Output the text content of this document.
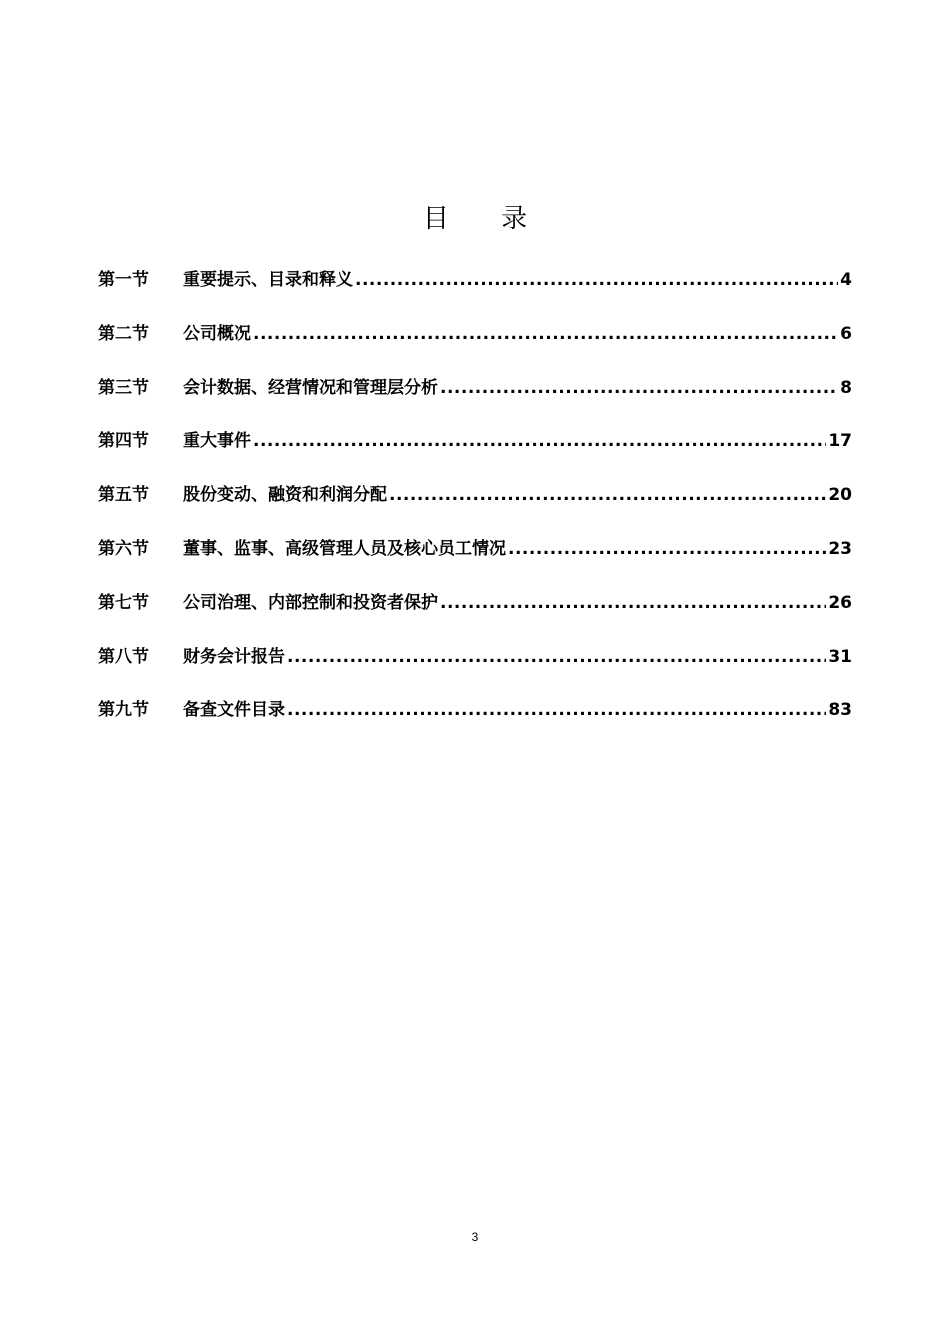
目 录
第一节	重要提示、目录和释义 .....	4
第二节	公司概况 .....	6
第三节	会计数据、经营情况和管理层分析 .....	8
第四节	重大事件 .....	17
第五节	股份变动、融资和利润分配 .....	20
第六节	董事、监事、高级管理人员及核心员工情况 .....	23
第七节	公司治理、内部控制和投资者保护 .....	26
第八节	财务会计报告 .....	31
第九节	备查文件目录 .....	83
3
